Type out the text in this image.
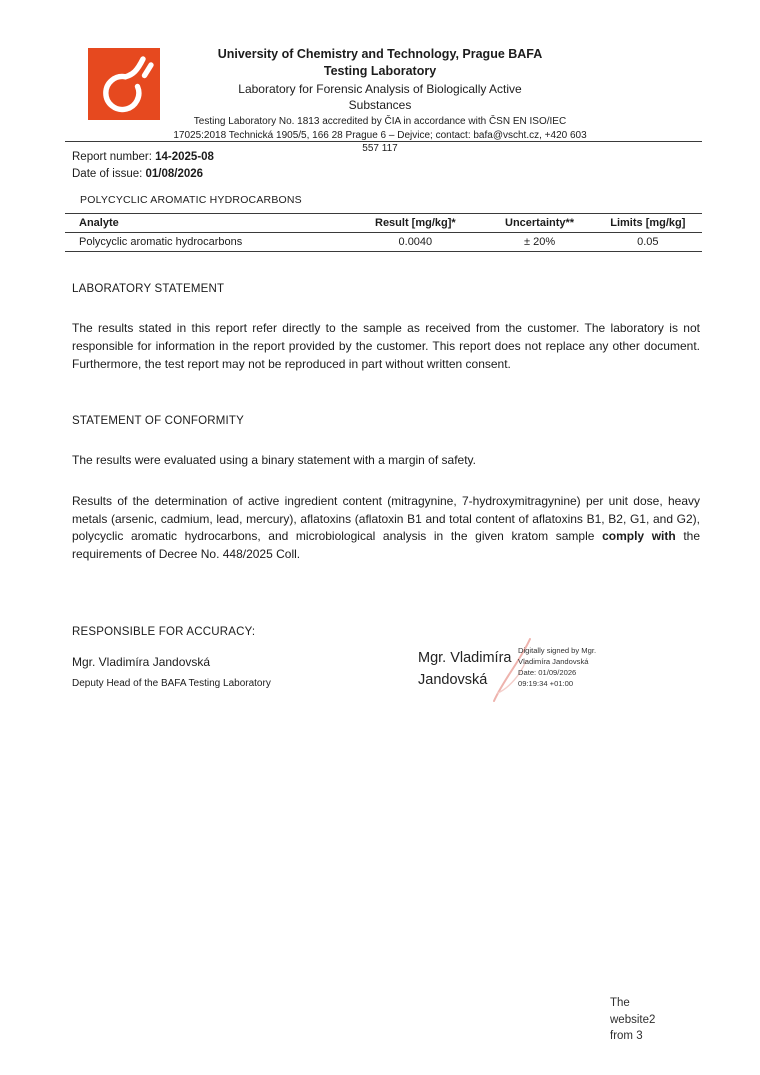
University of Chemistry and Technology, Prague BAFA
Testing Laboratory
Laboratory for Forensic Analysis of Biologically Active
Substances
Testing Laboratory No. 1813 accredited by ČIA in accordance with ČSN EN ISO/IEC
17025:2018 Technická 1905/5, 166 28 Prague 6 – Dejvice; contact: bafa@vscht.cz, +420 603
557 117
Report number: 14-2025-08
Date of issue: 01/08/2026
POLYCYCLIC AROMATIC HYDROCARBONS
Analyte	Result [mg/kg]*	Uncertainty**	Limits [mg/kg]
Polycyclic aromatic hydrocarbons	0.0040	± 20%	0.05
LABORATORY STATEMENT

The results stated in this report refer directly to the sample as received from the customer. The laboratory is not responsible for information in the report provided by the customer. This report does not replace any other document. Furthermore, the test report may not be reproduced in part without written consent.

STATEMENT OF CONFORMITY

The results were evaluated using a binary statement with a margin of safety.

Results of the determination of active ingredient content (mitragynine, 7-hydroxymitragynine) per unit dose, heavy metals (arsenic, cadmium, lead, mercury), aflatoxins (aflatoxin B1 and total content of aflatoxins B1, B2, G1, and G2), polycyclic aromatic hydrocarbons, and microbiological analysis in the given kratom sample comply with the requirements of Decree No. 448/2025 Coll.

RESPONSIBLE FOR ACCURACY:
Mgr. Vladimíra Jandovská
Deputy Head of the BAFA Testing Laboratory
Mgr. Vladimíra
Jandovská
Digitally signed by Mgr.
Vladimíra Jandovská
Date: 01/09/2026
09:19:34 +01:00
The
website2
from 3
